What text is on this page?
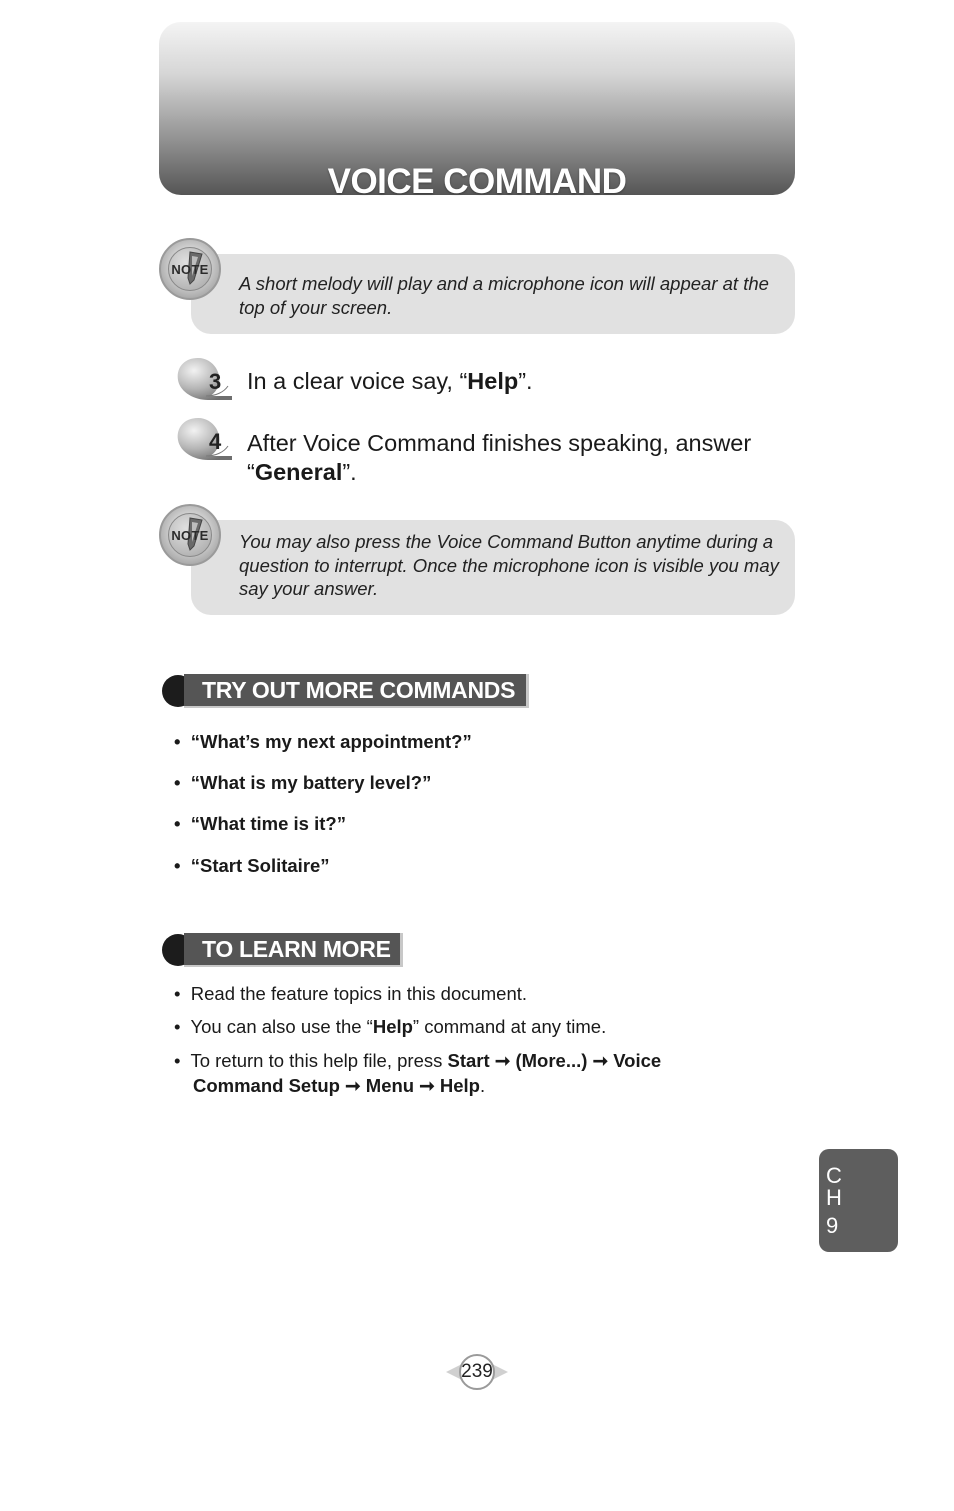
VOICE COMMAND
A short melody will play and a microphone icon will appear at the top of your screen.
NOTE
3 In a clear voice say, “Help”.
4 After Voice Command finishes speaking, answer “General”.
You may also press the Voice Command Button anytime during a question to interrupt. Once the microphone icon is visible you may say your answer.
NOTE
TRY OUT MORE COMMANDS
• “What’s my next appointment?”
• “What is my battery level?”
• “What time is it?”
• “Start Solitaire”
TO LEARN MORE
• Read the feature topics in this document.
• You can also use the “Help” command at any time.
• To return to this help file, press Start ➞ (More...) ➞ Voice Command Setup ➞ Menu ➞ Help.
C
H
9
239
